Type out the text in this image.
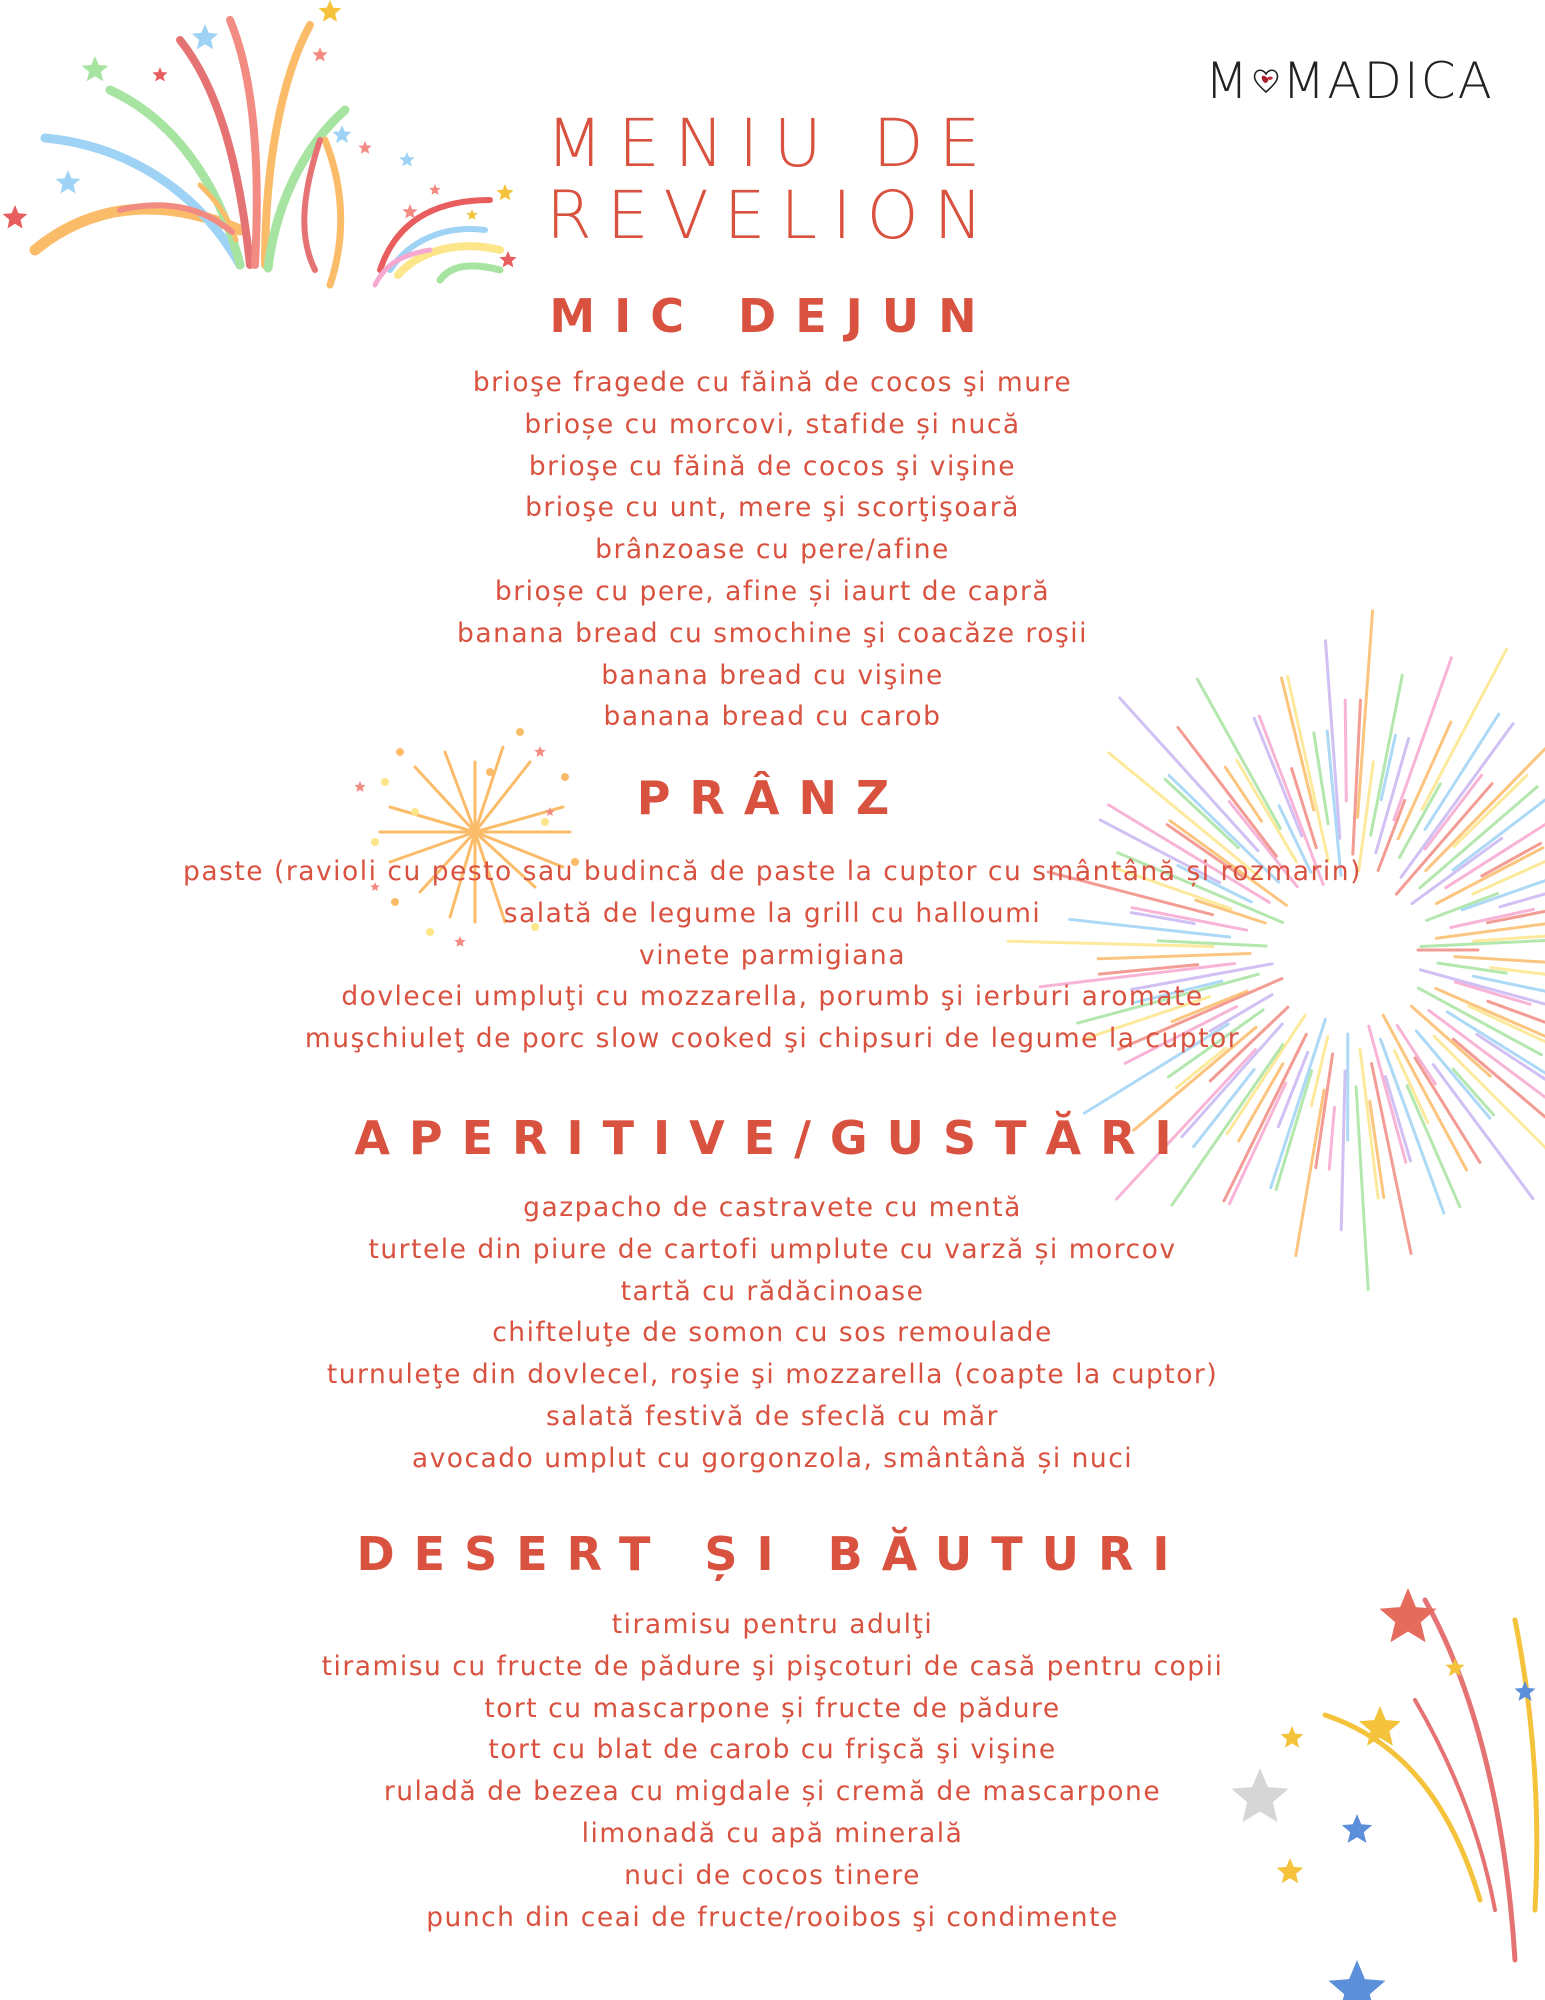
M MADICA
MENIU DE
REVELION
MIC DEJUN
brioşe fragede cu făină de cocos şi mure
brioșe cu morcovi, stafide și nucă
brioşe cu făină de cocos şi vişine
brioşe cu unt, mere şi scorţişoară
brânzoase cu pere/afine
brioșe cu pere, afine și iaurt de capră
banana bread cu smochine şi coacăze roşii
banana bread cu vişine
banana bread cu carob
PRÂNZ
paste (ravioli cu pesto sau budincă de paste la cuptor cu smântână și rozmarin)
salată de legume la grill cu halloumi
vinete parmigiana
dovlecei umpluţi cu mozzarella, porumb şi ierburi aromate
muşchiuleţ de porc slow cooked şi chipsuri de legume la cuptor
APERITIVE/GUSTĂRI
gazpacho de castravete cu mentă
turtele din piure de cartofi umplute cu varză și morcov
tartă cu rădăcinoase
chifteluţe de somon cu sos remoulade
turnuleţe din dovlecel, roşie şi mozzarella (coapte la cuptor)
salată festivă de sfeclă cu măr
avocado umplut cu gorgonzola, smântână și nuci
DESERT ȘI BĂUTURI
tiramisu pentru adulţi
tiramisu cu fructe de pădure şi pişcoturi de casă pentru copii
tort cu mascarpone și fructe de pădure
tort cu blat de carob cu frişcă şi vişine
ruladă de bezea cu migdale și cremă de mascarpone
limonadă cu apă minerală
nuci de cocos tinere
punch din ceai de fructe/rooibos şi condimente
